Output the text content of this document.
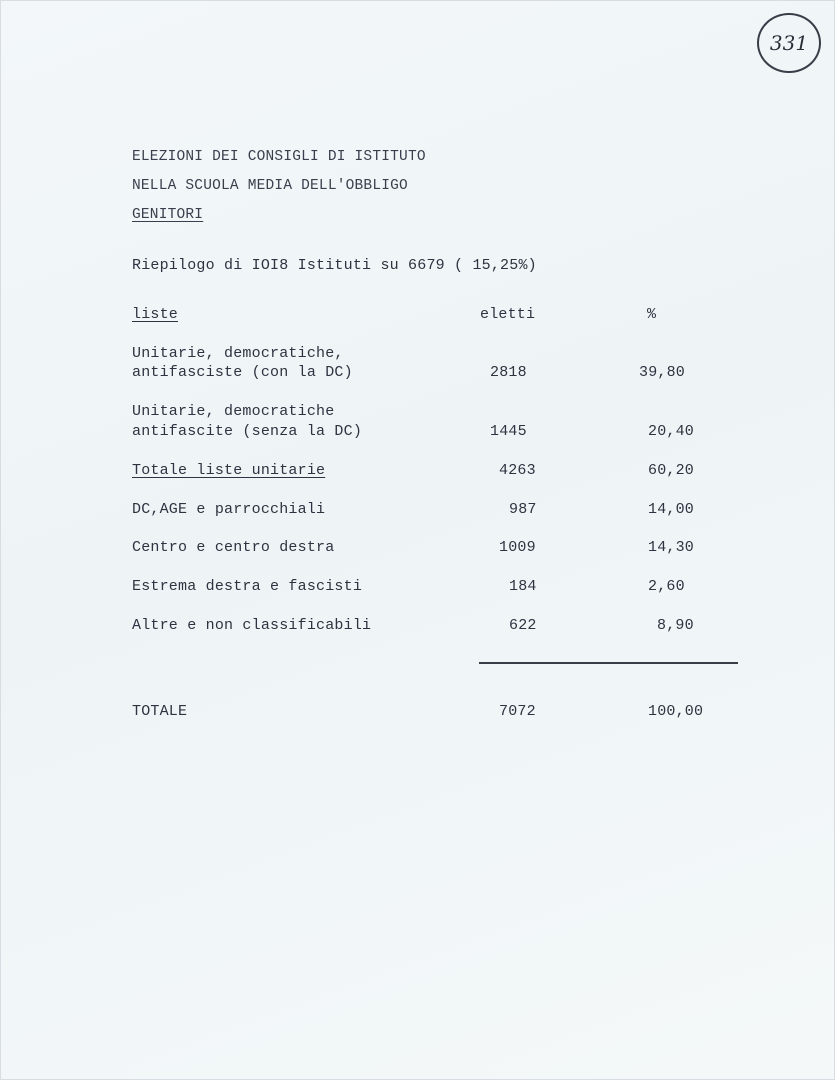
331
ELEZIONI DEI CONSIGLI DI ISTITUTO
NELLA SCUOLA MEDIA DELL'OBBLIGO
GENITORI
Riepilogo di IOI8 Istituti su 6679 ( 15,25%)
liste	eletti	%
Unitarie, democratiche,
antifasciste (con la DC)	2818	39,80
Unitarie, democratiche
antifascite (senza la DC)	1445	20,40
Totale liste unitarie	4263	60,20
DC,AGE e parrocchiali	987	14,00
Centro e centro destra	1009	14,30
Estrema destra e fascisti	184	2,60
Altre e non classificabili	622	8,90
TOTALE	7072	100,00
